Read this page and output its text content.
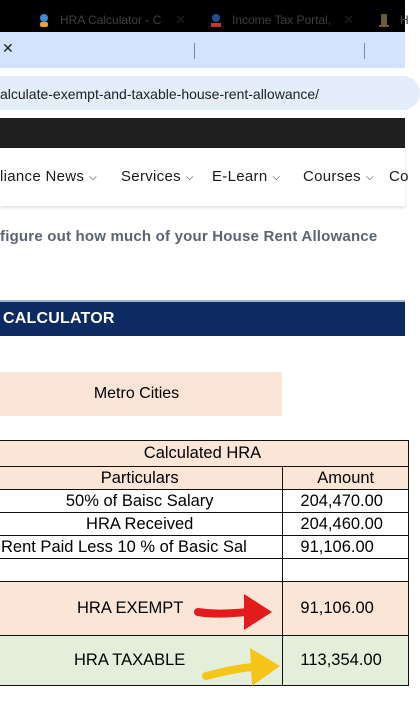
✕
HRA Calculator - C ✕	Income Tax Portal, ✕	H
alculate-exempt-and-taxable-house-rent-allowance/
liance News ⌵ Services ⌵ E-Learn ⌵ Courses ⌵ Co
figure out how much of your House Rent Allowance
CALCULATOR
Metro Cities
Calculated HRA	
Particulars	Amount
50% of Baisc Salary	204,470.00
HRA Received	204,460.00
Rent Paid Less 10 % of Basic Sal	91,106.00

HRA EXEMPT	91,106.00
HRA TAXABLE	113,354.00
